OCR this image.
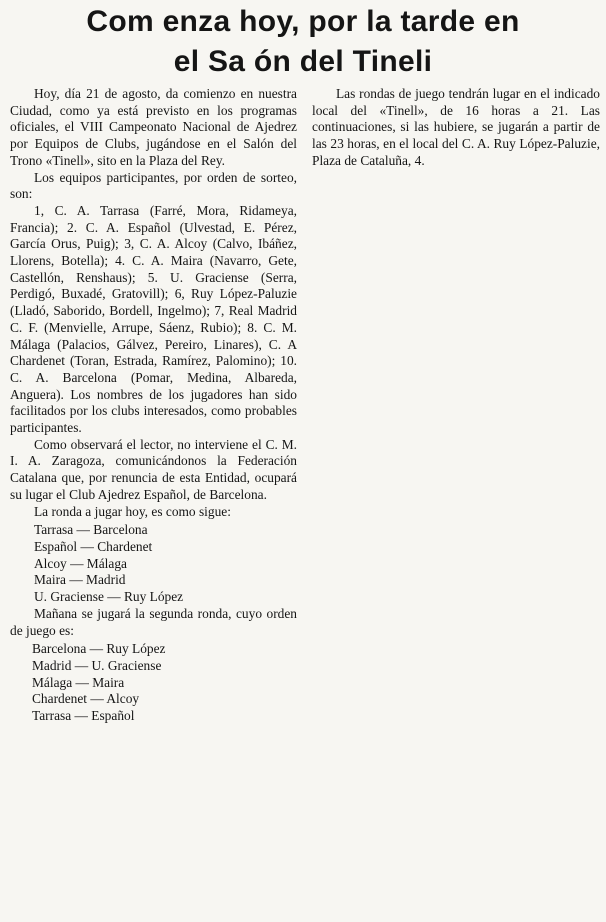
Com enza hoy, por la tarde en
el Sa ón del Tineli

Hoy, día 21 de agosto, da comienzo en nuestra Ciudad, como ya está previsto en los programas oficiales, el VIII Campeonato Nacional de Ajedrez por Equipos de Clubs, jugándose en el Salón del Trono «Tinell», sito en la Plaza del Rey.

Los equipos participantes, por orden de sorteo, son:

1, C. A. Tarrasa (Farré, Mora, Ridameya, Francia); 2. C. A. Español (Ulvestad, E. Pérez, García Orus, Puig); 3, C. A. Alcoy (Calvo, Ibáñez, Llorens, Botella); 4. C. A. Maira (Navarro, Gete, Castellón, Renshaus); 5. U. Graciense (Serra, Perdigó, Buxadé, Gratovill); 6, Ruy López-Paluzie (Lladó, Saborido, Bordell, Ingelmo); 7, Real Madrid C. F. (Menvielle, Arrupe, Sáenz, Rubio); 8. C. M. Málaga (Palacios, Gálvez, Pereiro, Linares), C. A Chardenet (Toran, Estrada, Ramírez, Palomino); 10. C. A. Barcelona (Pomar, Medina, Albareda, Anguera). Los nombres de los jugadores han sido facilitados por los clubs interesados, como probables participantes.

Como observará el lector, no interviene el C. M. I. A. Zaragoza, comunicándonos la Federación Catalana que, por renuncia de esta Entidad, ocupará su lugar el Club Ajedrez Español, de Barcelona.

La ronda a jugar hoy, es como sigue:

Tarrasa — Barcelona
Español — Chardenet
Alcoy — Málaga
Maira — Madrid
U. Graciense — Ruy López

Mañana se jugará la segunda ronda, cuyo orden de juego es:

Barcelona — Ruy López
Madrid — U. Graciense
Málaga — Maira
Chardenet — Alcoy
Tarrasa — Español

Las rondas de juego tendrán lugar en el indicado local del «Tinell», de 16 horas a 21. Las continuaciones, si las hubiere, se jugarán a partir de las 23 horas, en el local del C. A. Ruy López-Paluzie, Plaza de Cataluña, 4.
